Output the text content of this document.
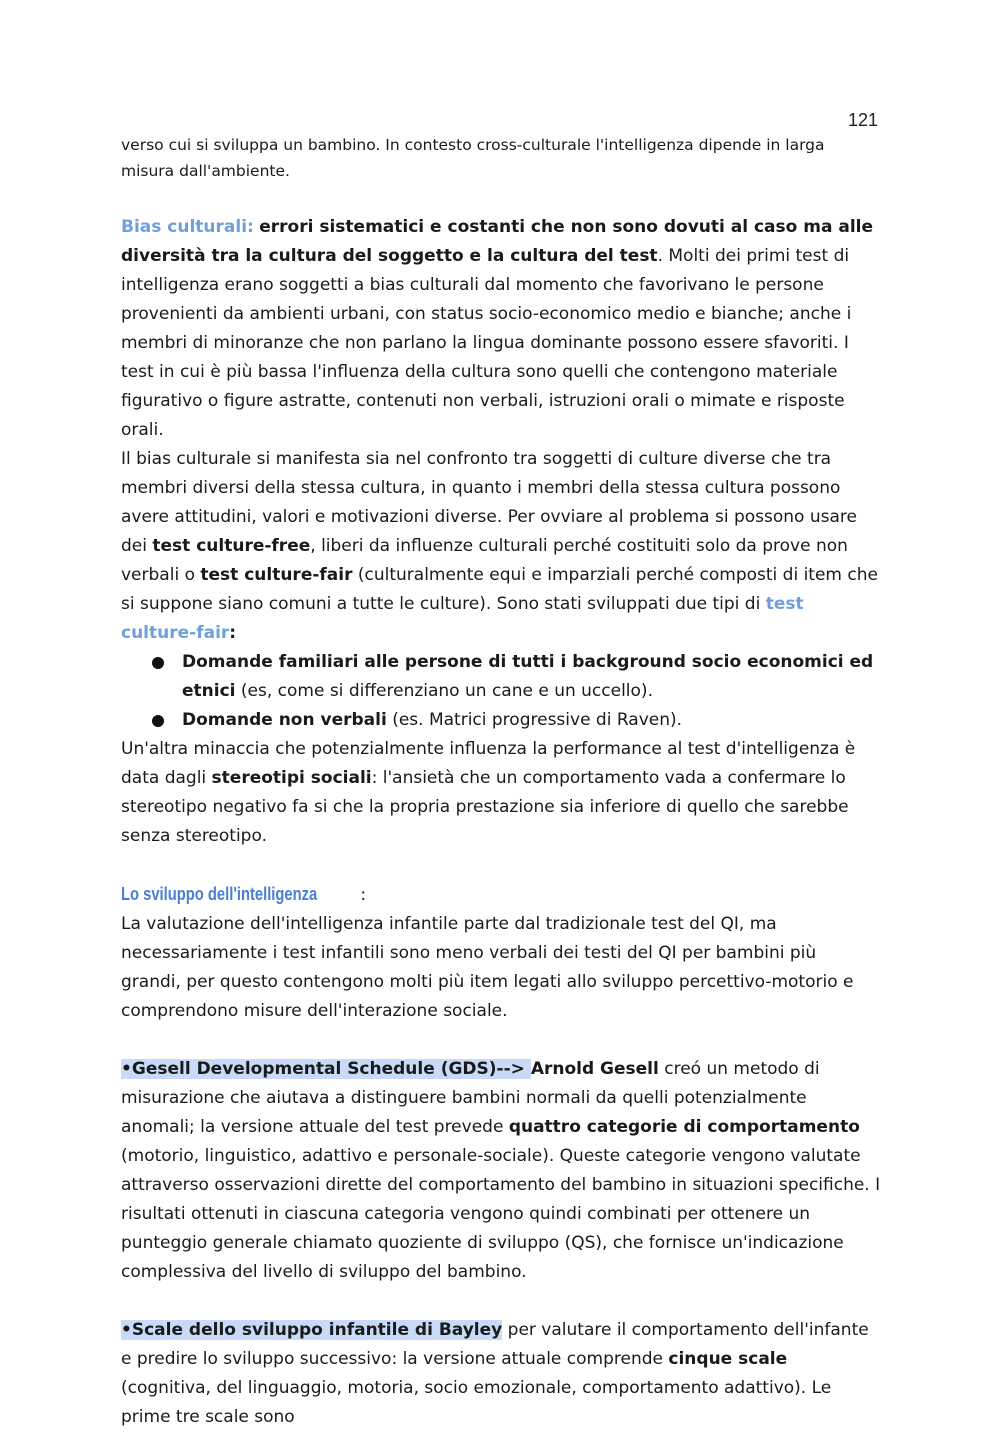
121

verso cui si sviluppa un bambino. In contesto cross-culturale l'intelligenza dipende in larga misura dall'ambiente.

Bias culturali: errori sistematici e costanti che non sono dovuti al caso ma alle diversità tra la cultura del soggetto e la cultura del test. Molti dei primi test di intelligenza erano soggetti a bias culturali dal momento che favorivano le persone provenienti da ambienti urbani, con status socio-economico medio e bianche; anche i membri di minoranze che non parlano la lingua dominante possono essere sfavoriti. I test in cui è più bassa l'influenza della cultura sono quelli che contengono materiale figurativo o figure astratte, contenuti non verbali, istruzioni orali o mimate e risposte orali.

Il bias culturale si manifesta sia nel confronto tra soggetti di culture diverse che tra membri diversi della stessa cultura, in quanto i membri della stessa cultura possono avere attitudini, valori e motivazioni diverse. Per ovviare al problema si possono usare dei test culture-free, liberi da influenze culturali perché costituiti solo da prove non verbali o test culture-fair (culturalmente equi e imparziali perché composti di item che si suppone siano comuni a tutte le culture). Sono stati sviluppati due tipi di test culture-fair:

Domande familiari alle persone di tutti i background socio economici ed etnici (es, come si differenziano un cane e un uccello).
Domande non verbali (es. Matrici progressive di Raven).

Un'altra minaccia che potenzialmente influenza la performance al test d'intelligenza è data dagli stereotipi sociali: l'ansietà che un comportamento vada a confermare lo stereotipo negativo fa si che la propria prestazione sia inferiore di quello che sarebbe senza stereotipo.

Lo sviluppo dell'intelligenza	:

La valutazione dell'intelligenza infantile parte dal tradizionale test del QI, ma necessariamente i test infantili sono meno verbali dei testi del QI per bambini più grandi, per questo contengono molti più item legati allo sviluppo percettivo-motorio e comprendono misure dell'interazione sociale.

•Gesell Developmental Schedule (GDS)--> Arnold Gesell creó un metodo di misurazione che aiutava a distinguere bambini normali da quelli potenzialmente anomali; la versione attuale del test prevede quattro categorie di comportamento (motorio, linguistico, adattivo e personale-sociale). Queste categorie vengono valutate attraverso osservazioni dirette del comportamento del bambino in situazioni specifiche. I risultati ottenuti in ciascuna categoria vengono quindi combinati per ottenere un punteggio generale chiamato quoziente di sviluppo (QS), che fornisce un'indicazione complessiva del livello di sviluppo del bambino.

•Scale dello sviluppo infantile di Bayley per valutare il comportamento dell'infante e predire lo sviluppo successivo: la versione attuale comprende cinque scale (cognitiva, del linguaggio, motoria, socio emozionale, comportamento adattivo). Le prime tre scale sono
